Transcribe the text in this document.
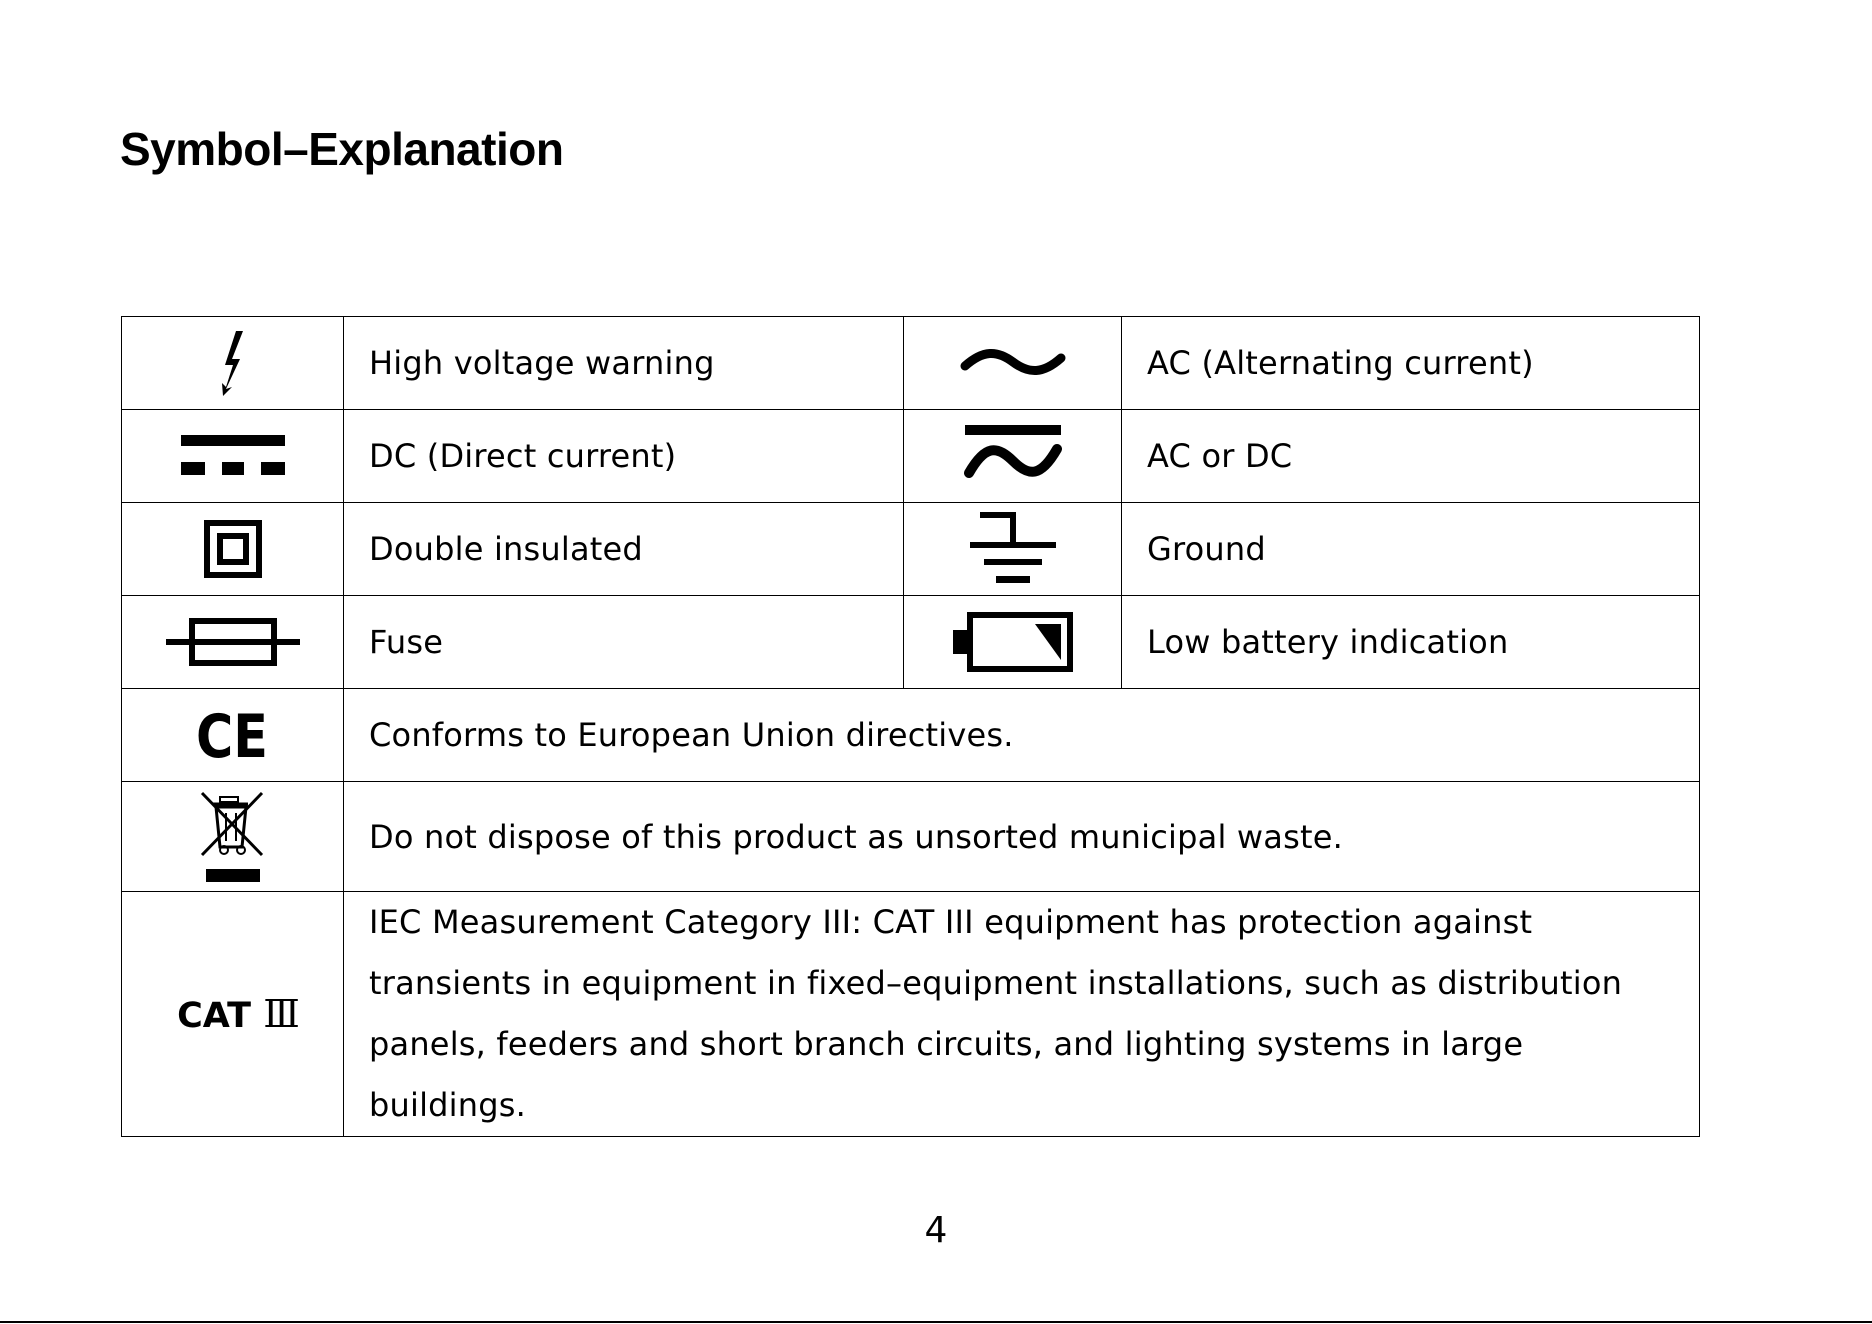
Symbol–Explanation
	High voltage warning		AC (Alternating current)

	DC (Direct current)		AC or DC

	Double insulated		Ground

	Fuse		Low battery indication

CE	Conforms to European Union directives.		

	Do not dispose of this product as unsorted municipal waste.		
CAT Ⅲ	IEC Measurement Category III: CAT III equipment has protection against transients in equipment in fixed–equipment installations, such as distribution panels, feeders and short branch circuits, and lighting systems in large buildings.		
4
